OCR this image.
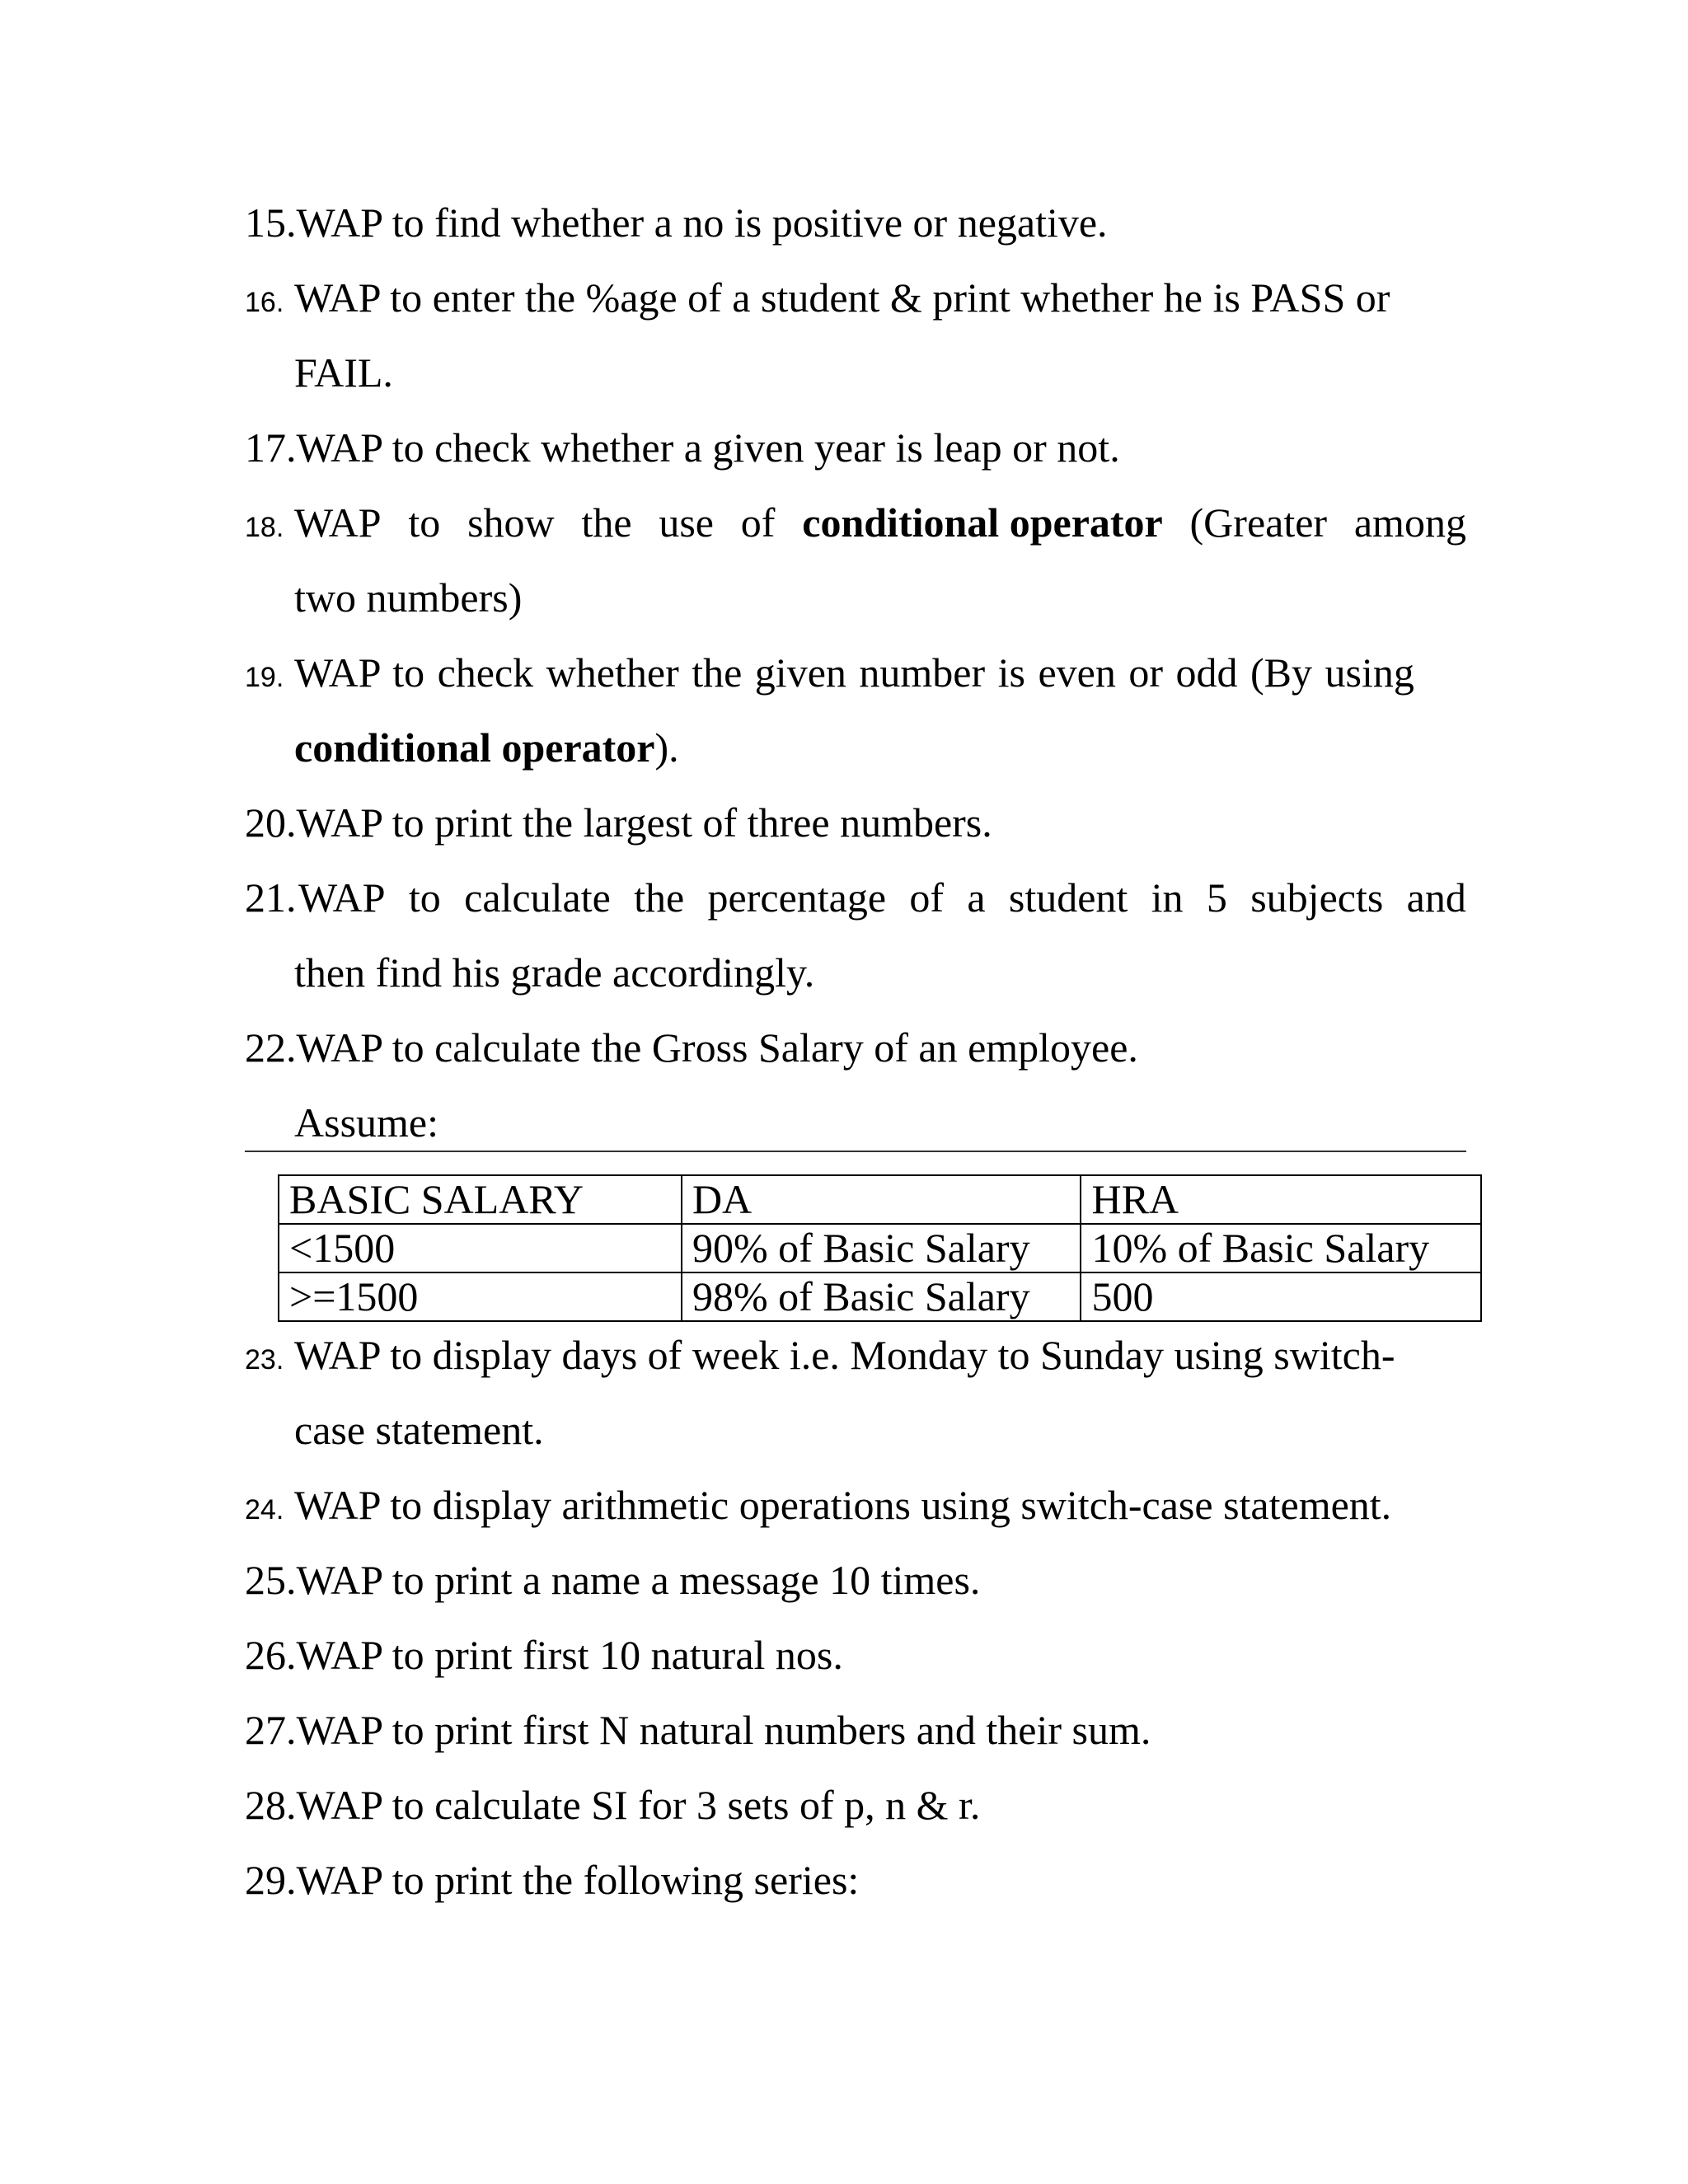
15.WAP to find whether a no is positive or negative.
16. WAP to enter the %age of a student & print whether he is PASS or
FAIL.
17.WAP to check whether a given year is leap or not.
18. WAP to show the use of conditional operator (Greater among
two numbers)
19. WAP to check whether the given number is even or odd (By using
conditional operator).
20.WAP to print the largest of three numbers.
21. WAP to calculate the percentage of a student in 5 subjects and
then find his grade accordingly.
22.WAP to calculate the Gross Salary of an employee.
Assume:
BASIC SALARY	DA	HRA
<1500	90% of Basic Salary	10% of Basic Salary
>=1500	98% of Basic Salary	500
23. WAP to display days of week i.e. Monday to Sunday using switch-
case statement.
24. WAP to display arithmetic operations using switch-case statement.
25.WAP to print a name a message 10 times.
26.WAP to print first 10 natural nos.
27.WAP to print first N natural numbers and their sum.
28.WAP to calculate SI for 3 sets of p, n & r.
29.WAP to print the following series:
